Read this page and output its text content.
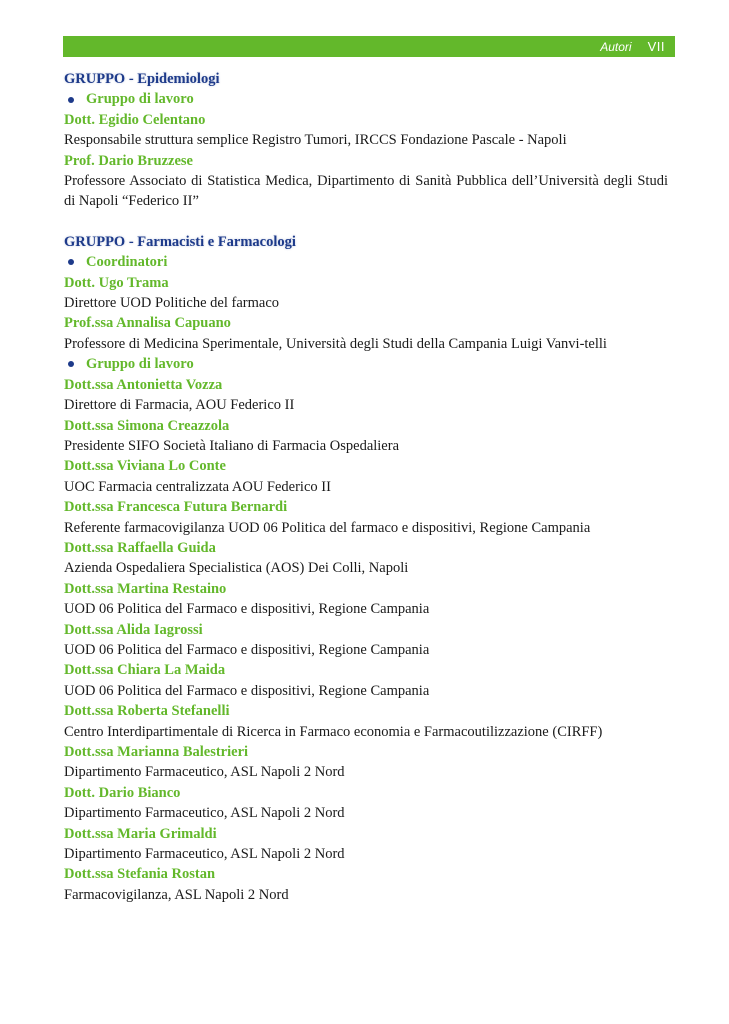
Autori VII
GRUPPO - Epidemiologi
Gruppo di lavoro
Dott. Egidio Celentano
Responsabile struttura semplice Registro Tumori, IRCCS Fondazione Pascale - Napoli
Prof. Dario Bruzzese
Professore Associato di Statistica Medica, Dipartimento di Sanità Pubblica dell’Università degli Studi di Napoli “Federico II”
GRUPPO - Farmacisti e Farmacologi
Coordinatori
Dott. Ugo Trama
Direttore UOD Politiche del farmaco
Prof.ssa Annalisa Capuano
Professore di Medicina Sperimentale, Università degli Studi della Campania Luigi Vanvi-telli
Gruppo di lavoro
Dott.ssa Antonietta Vozza
Direttore di Farmacia, AOU Federico II
Dott.ssa Simona Creazzola
Presidente SIFO Società Italiano di Farmacia Ospedaliera
Dott.ssa Viviana Lo Conte
UOC Farmacia centralizzata AOU Federico II
Dott.ssa Francesca Futura Bernardi
Referente farmacovigilanza UOD 06 Politica del farmaco e dispositivi, Regione Campania
Dott.ssa Raffaella Guida
Azienda Ospedaliera Specialistica (AOS) Dei Colli, Napoli
Dott.ssa Martina Restaino
UOD 06 Politica del Farmaco e dispositivi, Regione Campania
Dott.ssa Alida Iagrossi
UOD 06 Politica del Farmaco e dispositivi, Regione Campania
Dott.ssa Chiara La Maida
UOD 06 Politica del Farmaco e dispositivi, Regione Campania
Dott.ssa Roberta Stefanelli
Centro Interdipartimentale di Ricerca in Farmaco economia e Farmacoutilizzazione (CIRFF)
Dott.ssa Marianna Balestrieri
Dipartimento Farmaceutico, ASL Napoli 2 Nord
Dott. Dario Bianco
Dipartimento Farmaceutico, ASL Napoli 2 Nord
Dott.ssa Maria Grimaldi
Dipartimento Farmaceutico, ASL Napoli 2 Nord
Dott.ssa Stefania Rostan
Farmacovigilanza, ASL Napoli 2 Nord
